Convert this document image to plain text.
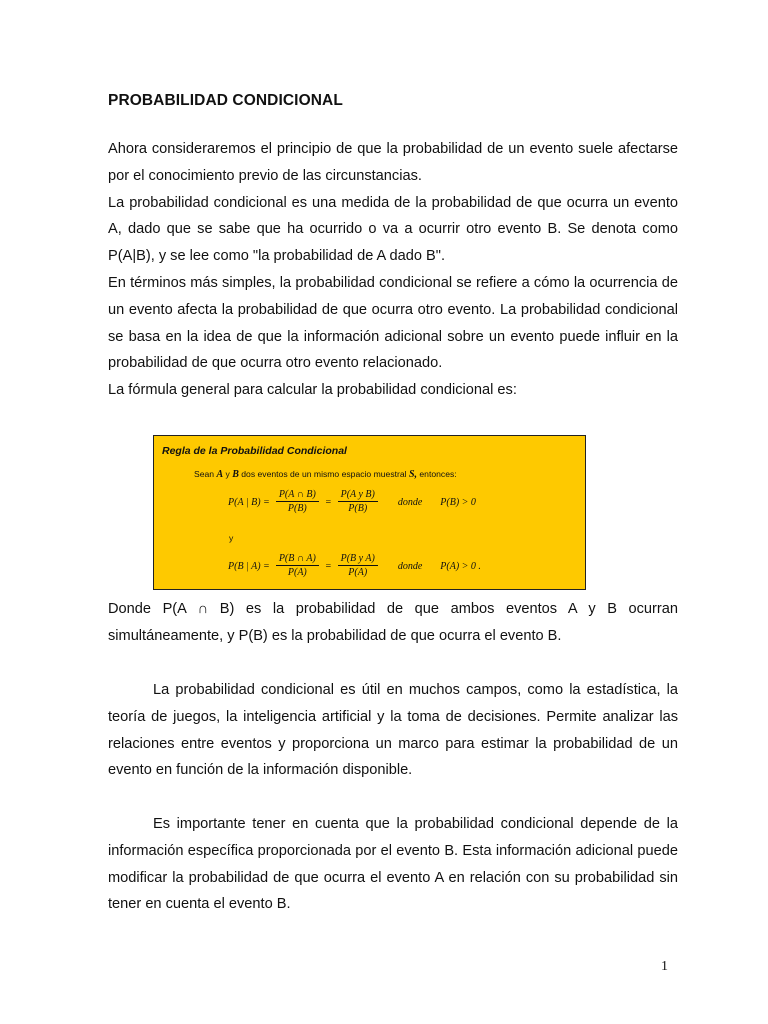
PROBABILIDAD CONDICIONAL

Ahora consideraremos el principio de que la probabilidad de un evento suele afectarse por el conocimiento previo de las circunstancias.

La probabilidad condicional es una medida de la probabilidad de que ocurra un evento A, dado que se sabe que ha ocurrido o va a ocurrir otro evento B. Se denota como P(A|B), y se lee como "la probabilidad de A dado B".

En términos más simples, la probabilidad condicional se refiere a cómo la ocurrencia de un evento afecta la probabilidad de que ocurra otro evento. La probabilidad condicional se basa en la idea de que la información adicional sobre un evento puede influir en la probabilidad de que ocurra otro evento relacionado.

La fórmula general para calcular la probabilidad condicional es:

Regla de la Probabilidad Condicional
Sean A y B dos eventos de un mismo espacio muestral S, entonces:
P(A | $B) = \frac{P(A \cap B)}{P(B)} = \frac{\text{P(A y B)}}{P(B)}$ donde P(B) > 0
y
P(B | $A) = \frac{P(B \cap A)}{P(A)} = \frac{\text{P(B y A)}}{P(A)}$ donde P(A) > 0 .

Donde P(A ∩ B) es la probabilidad de que ambos eventos A y B ocurran simultáneamente, y P(B) es la probabilidad de que ocurra el evento B.

La probabilidad condicional es útil en muchos campos, como la estadística, la teoría de juegos, la inteligencia artificial y la toma de decisiones. Permite analizar las relaciones entre eventos y proporciona un marco para estimar la probabilidad de un evento en función de la información disponible.

Es importante tener en cuenta que la probabilidad condicional depende de la información específica proporcionada por el evento B. Esta información adicional puede modificar la probabilidad de que ocurra el evento A en relación con su probabilidad sin tener en cuenta el evento B.

1
